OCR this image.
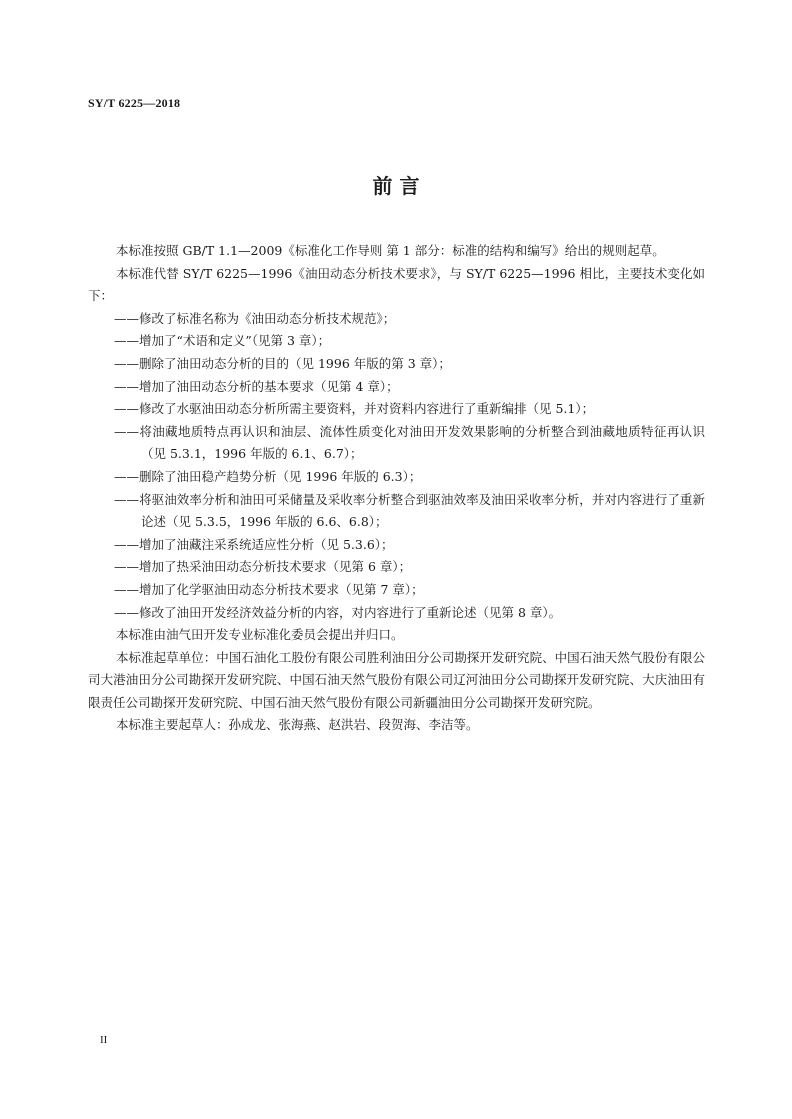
SY/T 6225—2018
前 言

本标准按照 GB/T 1.1—2009《标准化工作导则 第 1 部分：标准的结构和编写》给出的规则起草。

本标准代替 SY/T 6225—1996《油田动态分析技术要求》，与 SY/T 6225—1996 相比，主要技术变化如下：

——修改了标准名称为《油田动态分析技术规范》；

——增加了“术语和定义”（见第 3 章）；

——删除了油田动态分析的目的（见 1996 年版的第 3 章）；

——增加了油田动态分析的基本要求（见第 4 章）；

——修改了水驱油田动态分析所需主要资料，并对资料内容进行了重新编排（见 5.1）；

——将油藏地质特点再认识和油层、流体性质变化对油田开发效果影响的分析整合到油藏地质特征再认识（见 5.3.1，1996 年版的 6.1、6.7）；

——删除了油田稳产趋势分析（见 1996 年版的 6.3）；

——将驱油效率分析和油田可采储量及采收率分析整合到驱油效率及油田采收率分析，并对内容进行了重新论述（见 5.3.5，1996 年版的 6.6、6.8）；

——增加了油藏注采系统适应性分析（见 5.3.6）；

——增加了热采油田动态分析技术要求（见第 6 章）；

——增加了化学驱油田动态分析技术要求（见第 7 章）；

——修改了油田开发经济效益分析的内容，对内容进行了重新论述（见第 8 章）。

本标准由油气田开发专业标准化委员会提出并归口。

本标准起草单位：中国石油化工股份有限公司胜利油田分公司勘探开发研究院、中国石油天然气股份有限公司大港油田分公司勘探开发研究院、中国石油天然气股份有限公司辽河油田分公司勘探开发研究院、大庆油田有限责任公司勘探开发研究院、中国石油天然气股份有限公司新疆油田分公司勘探开发研究院。

本标准主要起草人：孙成龙、张海燕、赵洪岩、段贺海、李洁等。

II
